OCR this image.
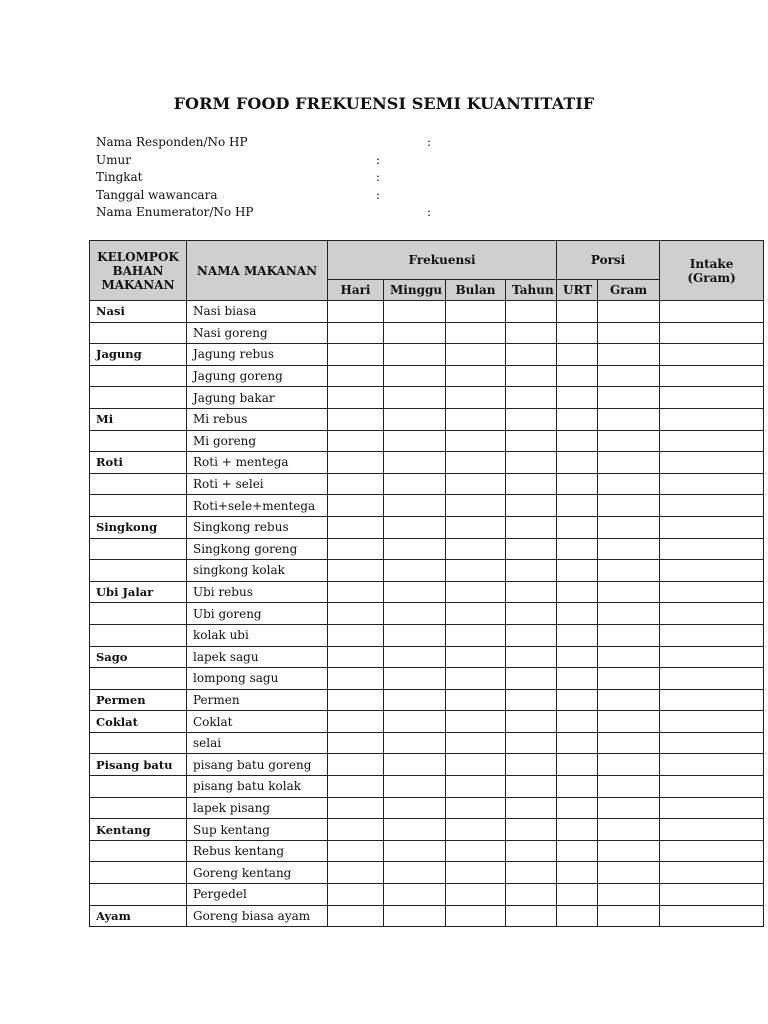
FORM FOOD FREKUENSI SEMI KUANTITATIF
Nama Responden/No HP	:
Umur	:
Tingkat	:
Tanggal wawancara	:
Nama Enumerator/No HP	:
KELOMPOK BAHAN MAKANAN	NAMA MAKANAN	Frekuensi				Porsi		Intake (Gram)
		Hari	Minggu	Bulan	Tahun	URT	Gram	
Nasi	Nasi biasa							
	Nasi goreng							
Jagung	Jagung rebus							
	Jagung goreng							
	Jagung bakar							
Mi	Mi rebus							
	Mi goreng							
Roti	Roti + mentega							
	Roti + selei							
	Roti+sele+mentega							
Singkong	Singkong rebus							
	Singkong goreng							
	singkong kolak							
Ubi Jalar	Ubi rebus							
	Ubi goreng							
	kolak ubi							
Sago	lapek sagu							
	lompong sagu							
Permen	Permen							
Coklat	Coklat							
	selai							
Pisang batu	pisang batu goreng							
	pisang batu kolak							
	lapek pisang							
Kentang	Sup kentang							
	Rebus kentang							
	Goreng kentang							
	Pergedel							
Ayam	Goreng biasa ayam							
